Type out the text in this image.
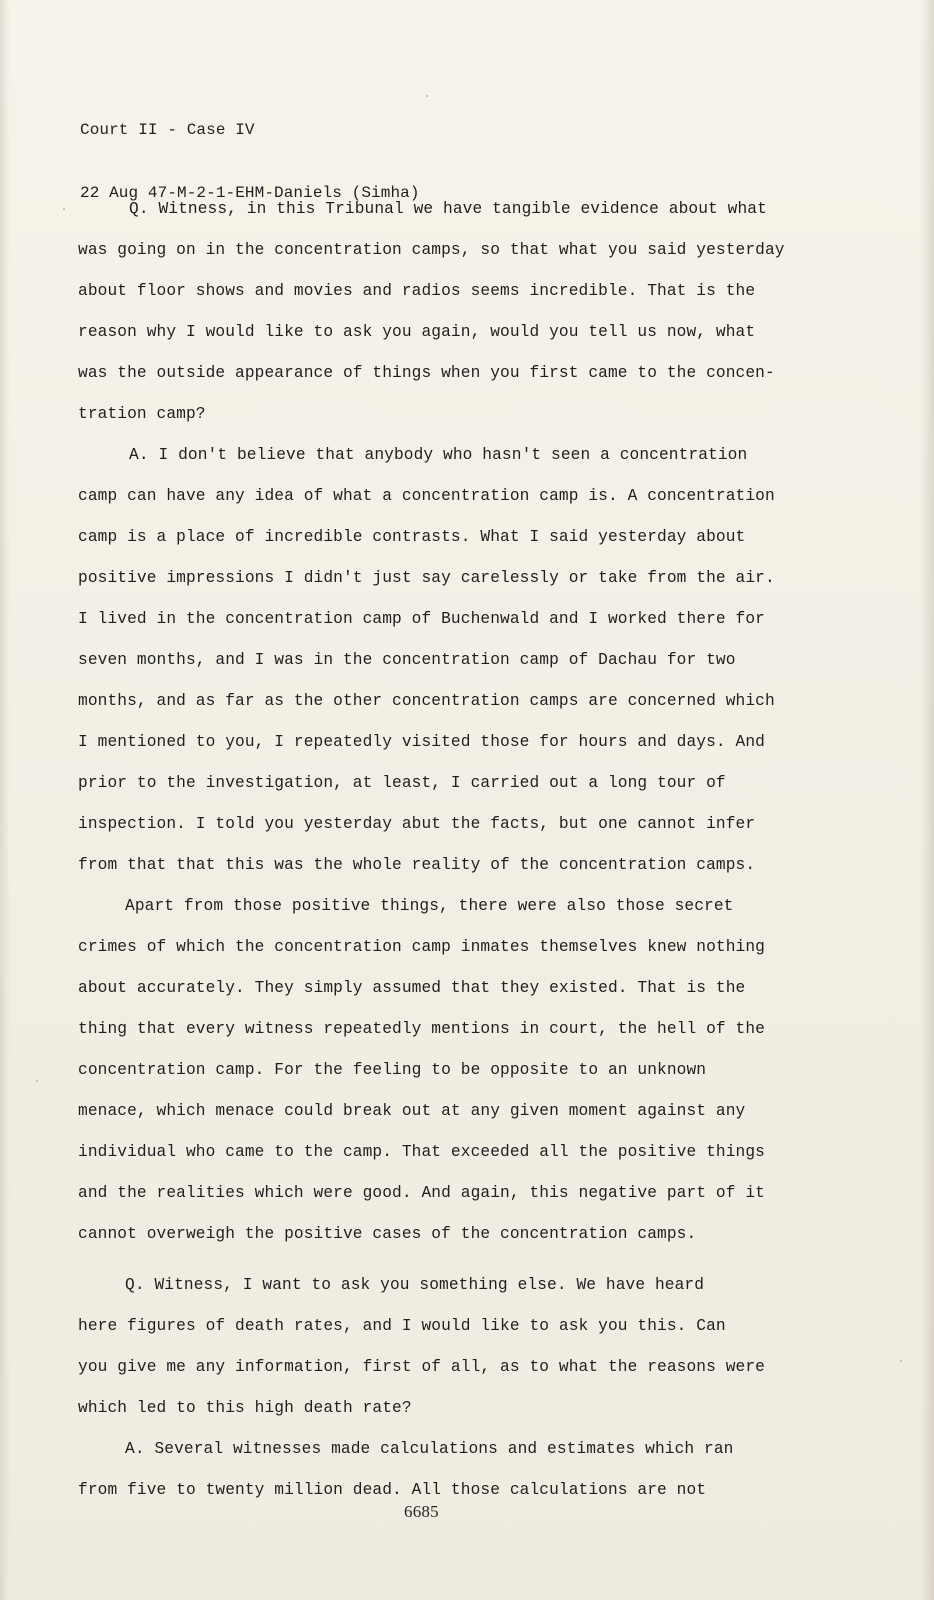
Court II - Case IV

22 Aug 47-M-2-1-EHM-Daniels (Simha)

Q. Witness, in this Tribunal we have tangible evidence about what
was going on in the concentration camps, so that what you said yesterday
about floor shows and movies and radios seems incredible. That is the
reason why I would like to ask you again, would you tell us now, what
was the outside appearance of things when you first came to the concen-
tration camp?
A. I don't believe that anybody who hasn't seen a concentration
camp can have any idea of what a concentration camp is. A concentration
camp is a place of incredible contrasts. What I said yesterday about
positive impressions I didn't just say carelessly or take from the air.
I lived in the concentration camp of Buchenwald and I worked there for
seven months, and I was in the concentration camp of Dachau for two
months, and as far as the other concentration camps are concerned which
I mentioned to you, I repeatedly visited those for hours and days. And
prior to the investigation, at least, I carried out a long tour of
inspection. I told you yesterday abut the facts, but one cannot infer
from that that this was the whole reality of the concentration camps.
Apart from those positive things, there were also those secret
crimes of which the concentration camp inmates themselves knew nothing
about accurately. They simply assumed that they existed. That is the
thing that every witness repeatedly mentions in court, the hell of the
concentration camp. For the feeling to be opposite to an unknown
menace, which menace could break out at any given moment against any
individual who came to the camp. That exceeded all the positive things
and the realities which were good. And again, this negative part of it
cannot overweigh the positive cases of the concentration camps.
Q. Witness, I want to ask you something else. We have heard
here figures of death rates, and I would like to ask you this. Can
you give me any information, first of all, as to what the reasons were
which led to this high death rate?
A. Several witnesses made calculations and estimates which ran
from five to twenty million dead. All those calculations are not
6685
